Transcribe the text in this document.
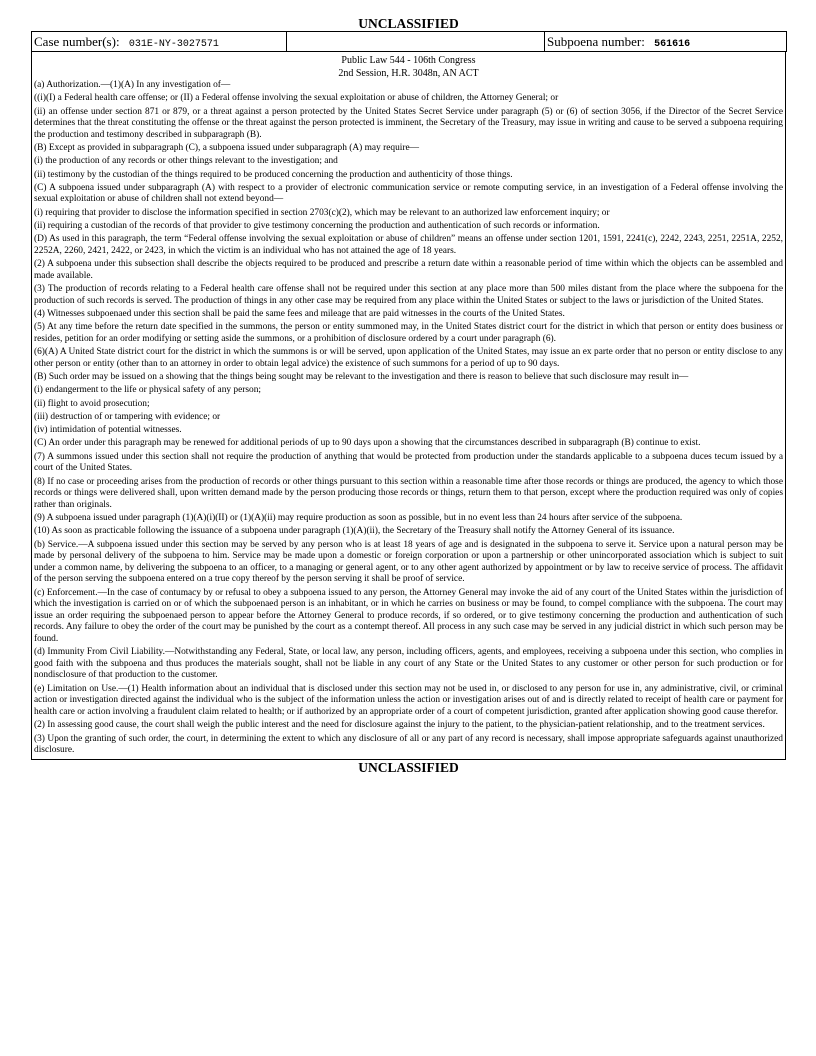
UNCLASSIFIED
Case number(s): 031E-NY-3027571		Subpoena number: 561616
Public Law 544 - 106th Congress
2nd Session, H.R. 3048n, AN ACT

(a) Authorization.—(1)(A) In any investigation of—

((i)(I) a Federal health care offense; or (II) a Federal offense involving the sexual exploitation or abuse of children, the Attorney General; or

(ii) an offense under section 871 or 879, or a threat against a person protected by the United States Secret Service under paragraph (5) or (6) of section 3056, if the Director of the Secret Service determines that the threat constituting the offense or the threat against the person protected is imminent, the Secretary of the Treasury, may issue in writing and cause to be served a subpoena requiring the production and testimony described in subparagraph (B).

(B) Except as provided in subparagraph (C), a subpoena issued under subparagraph (A) may require—

(i) the production of any records or other things relevant to the investigation; and

(ii) testimony by the custodian of the things required to be produced concerning the production and authenticity of those things.

(C) A subpoena issued under subparagraph (A) with respect to a provider of electronic communication service or remote computing service, in an investigation of a Federal offense involving the sexual exploitation or abuse of children shall not extend beyond—

(i) requiring that provider to disclose the information specified in section 2703(c)(2), which may be relevant to an authorized law enforcement inquiry; or

(ii) requiring a custodian of the records of that provider to give testimony concerning the production and authentication of such records or information.

(D) As used in this paragraph, the term “Federal offense involving the sexual exploitation or abuse of children” means an offense under section 1201, 1591, 2241(c), 2242, 2243, 2251, 2251A, 2252, 2252A, 2260, 2421, 2422, or 2423, in which the victim is an individual who has not attained the age of 18 years.

(2) A subpoena under this subsection shall describe the objects required to be produced and prescribe a return date within a reasonable period of time within which the objects can be assembled and made available.

(3) The production of records relating to a Federal health care offense shall not be required under this section at any place more than 500 miles distant from the place where the subpoena for the production of such records is served. The production of things in any other case may be required from any place within the United States or subject to the laws or jurisdiction of the United States.

(4) Witnesses subpoenaed under this section shall be paid the same fees and mileage that are paid witnesses in the courts of the United States.

(5) At any time before the return date specified in the summons, the person or entity summoned may, in the United States district court for the district in which that person or entity does business or resides, petition for an order modifying or setting aside the summons, or a prohibition of disclosure ordered by a court under paragraph (6).

(6)(A) A United State district court for the district in which the summons is or will be served, upon application of the United States, may issue an ex parte order that no person or entity disclose to any other person or entity (other than to an attorney in order to obtain legal advice) the existence of such summons for a period of up to 90 days.

(B) Such order may be issued on a showing that the things being sought may be relevant to the investigation and there is reason to believe that such disclosure may result in—

(i) endangerment to the life or physical safety of any person;

(ii) flight to avoid prosecution;

(iii) destruction of or tampering with evidence; or

(iv) intimidation of potential witnesses.

(C) An order under this paragraph may be renewed for additional periods of up to 90 days upon a showing that the circumstances described in subparagraph (B) continue to exist.

(7) A summons issued under this section shall not require the production of anything that would be protected from production under the standards applicable to a subpoena duces tecum issued by a court of the United States.

(8) If no case or proceeding arises from the production of records or other things pursuant to this section within a reasonable time after those records or things are produced, the agency to which those records or things were delivered shall, upon written demand made by the person producing those records or things, return them to that person, except where the production required was only of copies rather than originals.

(9) A subpoena issued under paragraph (1)(A)(i)(II) or (1)(A)(ii) may require production as soon as possible, but in no event less than 24 hours after service of the subpoena.

(10) As soon as practicable following the issuance of a subpoena under paragraph (1)(A)(ii), the Secretary of the Treasury shall notify the Attorney General of its issuance.

(b) Service.—A subpoena issued under this section may be served by any person who is at least 18 years of age and is designated in the subpoena to serve it. Service upon a natural person may be made by personal delivery of the subpoena to him. Service may be made upon a domestic or foreign corporation or upon a partnership or other unincorporated association which is subject to suit under a common name, by delivering the subpoena to an officer, to a managing or general agent, or to any other agent authorized by appointment or by law to receive service of process. The affidavit of the person serving the subpoena entered on a true copy thereof by the person serving it shall be proof of service.

(c) Enforcement.—In the case of contumacy by or refusal to obey a subpoena issued to any person, the Attorney General may invoke the aid of any court of the United States within the jurisdiction of which the investigation is carried on or of which the subpoenaed person is an inhabitant, or in which he carries on business or may be found, to compel compliance with the subpoena. The court may issue an order requiring the subpoenaed person to appear before the Attorney General to produce records, if so ordered, or to give testimony concerning the production and authentication of such records. Any failure to obey the order of the court may be punished by the court as a contempt thereof. All process in any such case may be served in any judicial district in which such person may be found.

(d) Immunity From Civil Liability.—Notwithstanding any Federal, State, or local law, any person, including officers, agents, and employees, receiving a subpoena under this section, who complies in good faith with the subpoena and thus produces the materials sought, shall not be liable in any court of any State or the United States to any customer or other person for such production or for nondisclosure of that production to the customer.

(e) Limitation on Use.—(1) Health information about an individual that is disclosed under this section may not be used in, or disclosed to any person for use in, any administrative, civil, or criminal action or investigation directed against the individual who is the subject of the information unless the action or investigation arises out of and is directly related to receipt of health care or payment for health care or action involving a fraudulent claim related to health; or if authorized by an appropriate order of a court of competent jurisdiction, granted after application showing good cause therefor.

(2) In assessing good cause, the court shall weigh the public interest and the need for disclosure against the injury to the patient, to the physician-patient relationship, and to the treatment services.

(3) Upon the granting of such order, the court, in determining the extent to which any disclosure of all or any part of any record is necessary, shall impose appropriate safeguards against unauthorized disclosure.

UNCLASSIFIED
